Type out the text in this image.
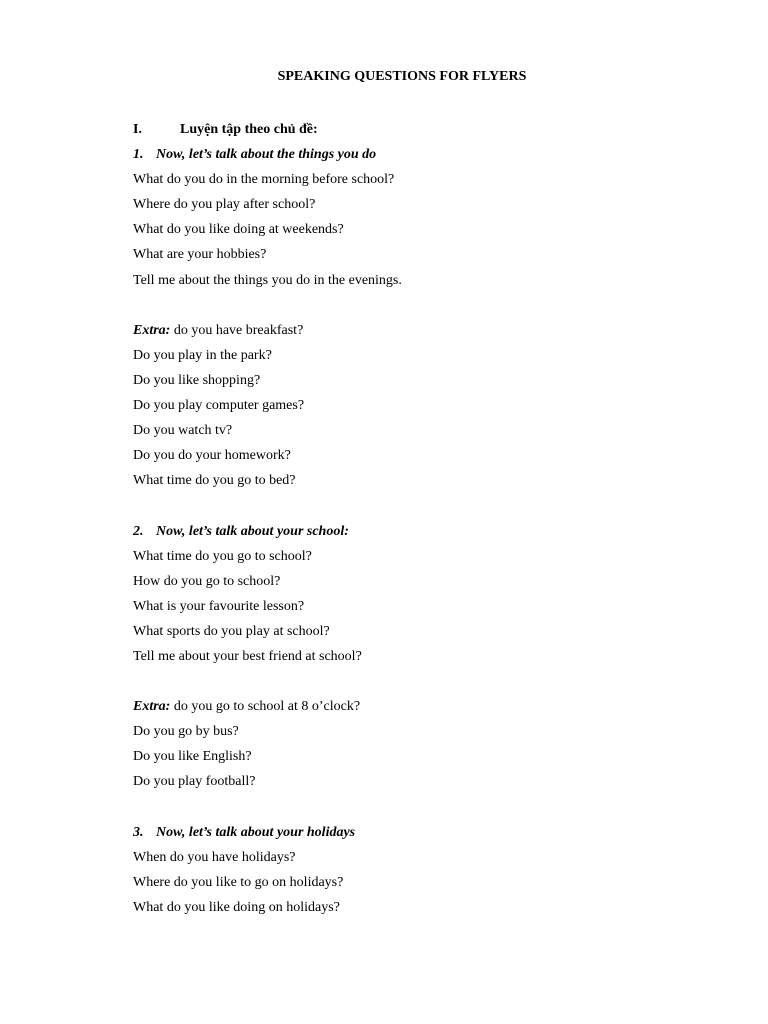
SPEAKING QUESTIONS FOR FLYERS
I.	Luyện tập theo chủ đề:
1. Now, let’s talk about the things you do
What do you do in the morning before school?
Where do you play after school?
What do you like doing at weekends?
What are your hobbies?
Tell me about the things you do in the evenings.
Extra: do you have breakfast?
Do you play in the park?
Do you like shopping?
Do you play computer games?
Do you watch tv?
Do you do your homework?
What time do you go to bed?
2. Now, let’s talk about your school:
What time do you go to school?
How do you go to school?
What is your favourite lesson?
What sports do you play at school?
Tell me about your best friend at school?
Extra: do you go to school at 8 o’clock?
Do you go by bus?
Do you like English?
Do you play football?
3. Now, let’s talk about your holidays
When do you have holidays?
Where do you like to go on holidays?
What do you like doing on holidays?
